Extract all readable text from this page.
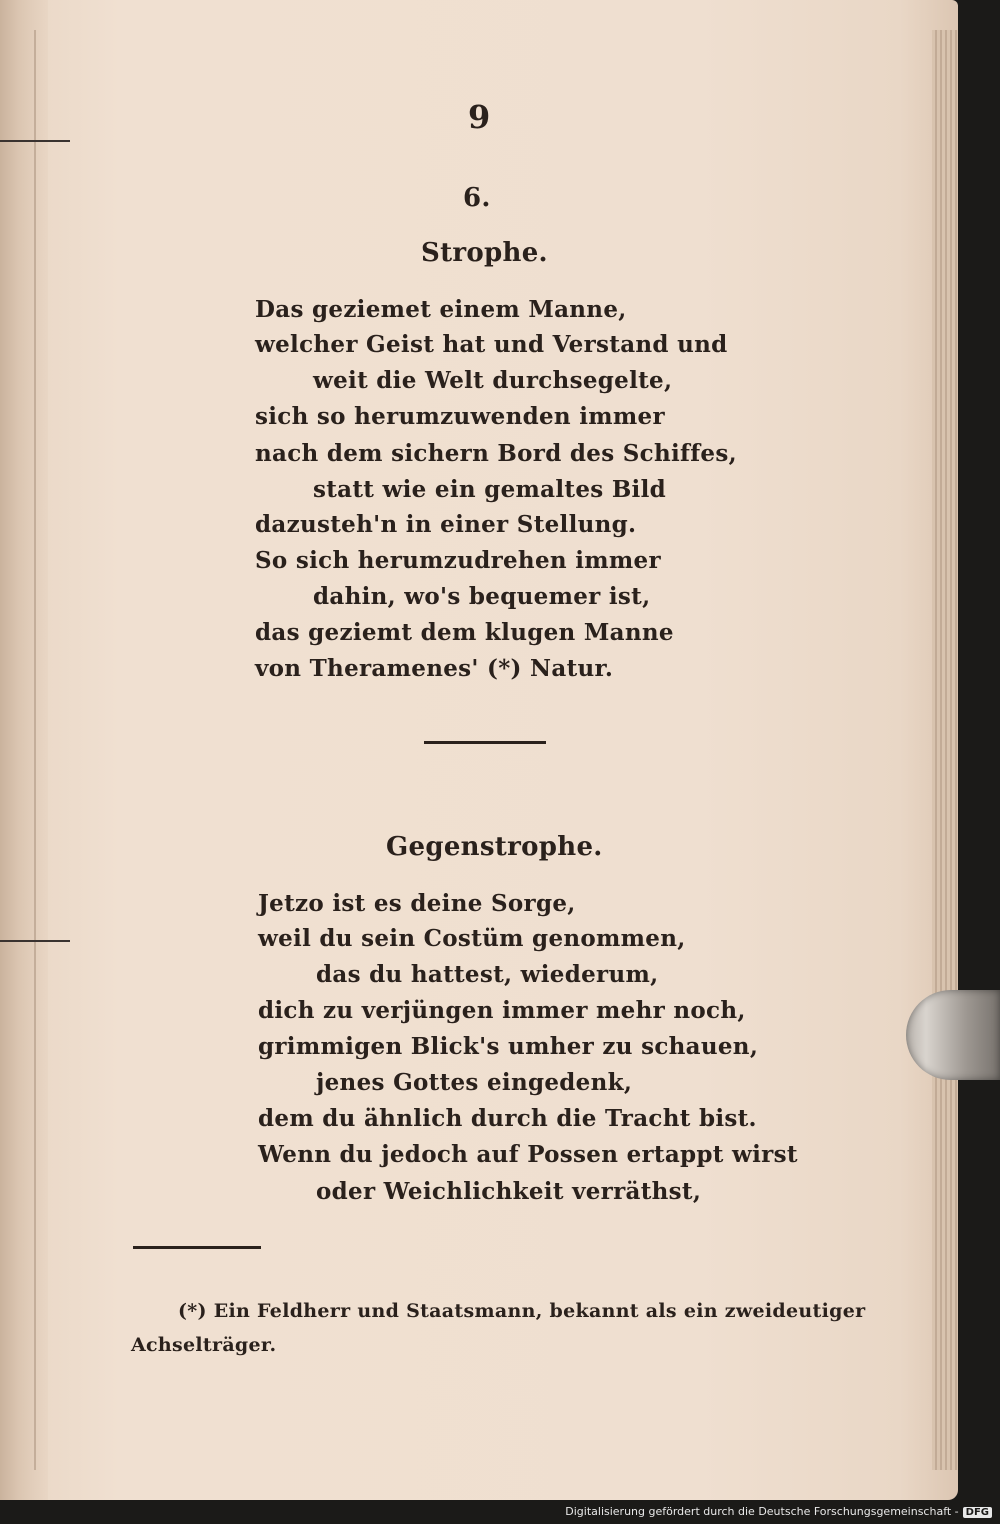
9
6.
Strophe.
Das geziemet einem Manne,
welcher Geist hat und Verstand und
weit die Welt durchsegelte,
sich so herumzuwenden immer
nach dem sichern Bord des Schiffes,
statt wie ein gemaltes Bild
dazusteh'n in einer Stellung.
So sich herumzudrehen immer
dahin, wo's bequemer ist,
das geziemt dem klugen Manne
von Theramenes' (*) Natur.
Gegenstrophe.
Jetzo ist es deine Sorge,
weil du sein Costüm genommen,
das du hattest, wiederum,
dich zu verjüngen immer mehr noch,
grimmigen Blick's umher zu schauen,
jenes Gottes eingedenk,
dem du ähnlich durch die Tracht bist.
Wenn du jedoch auf Possen ertappt wirst
oder Weichlichkeit verräthst,
(*) Ein Feldherr und Staatsmann, bekannt als ein zweideutiger
Achselträger.
Digitalisierung gefördert durch die Deutsche Forschungsgemeinschaft - DFG
